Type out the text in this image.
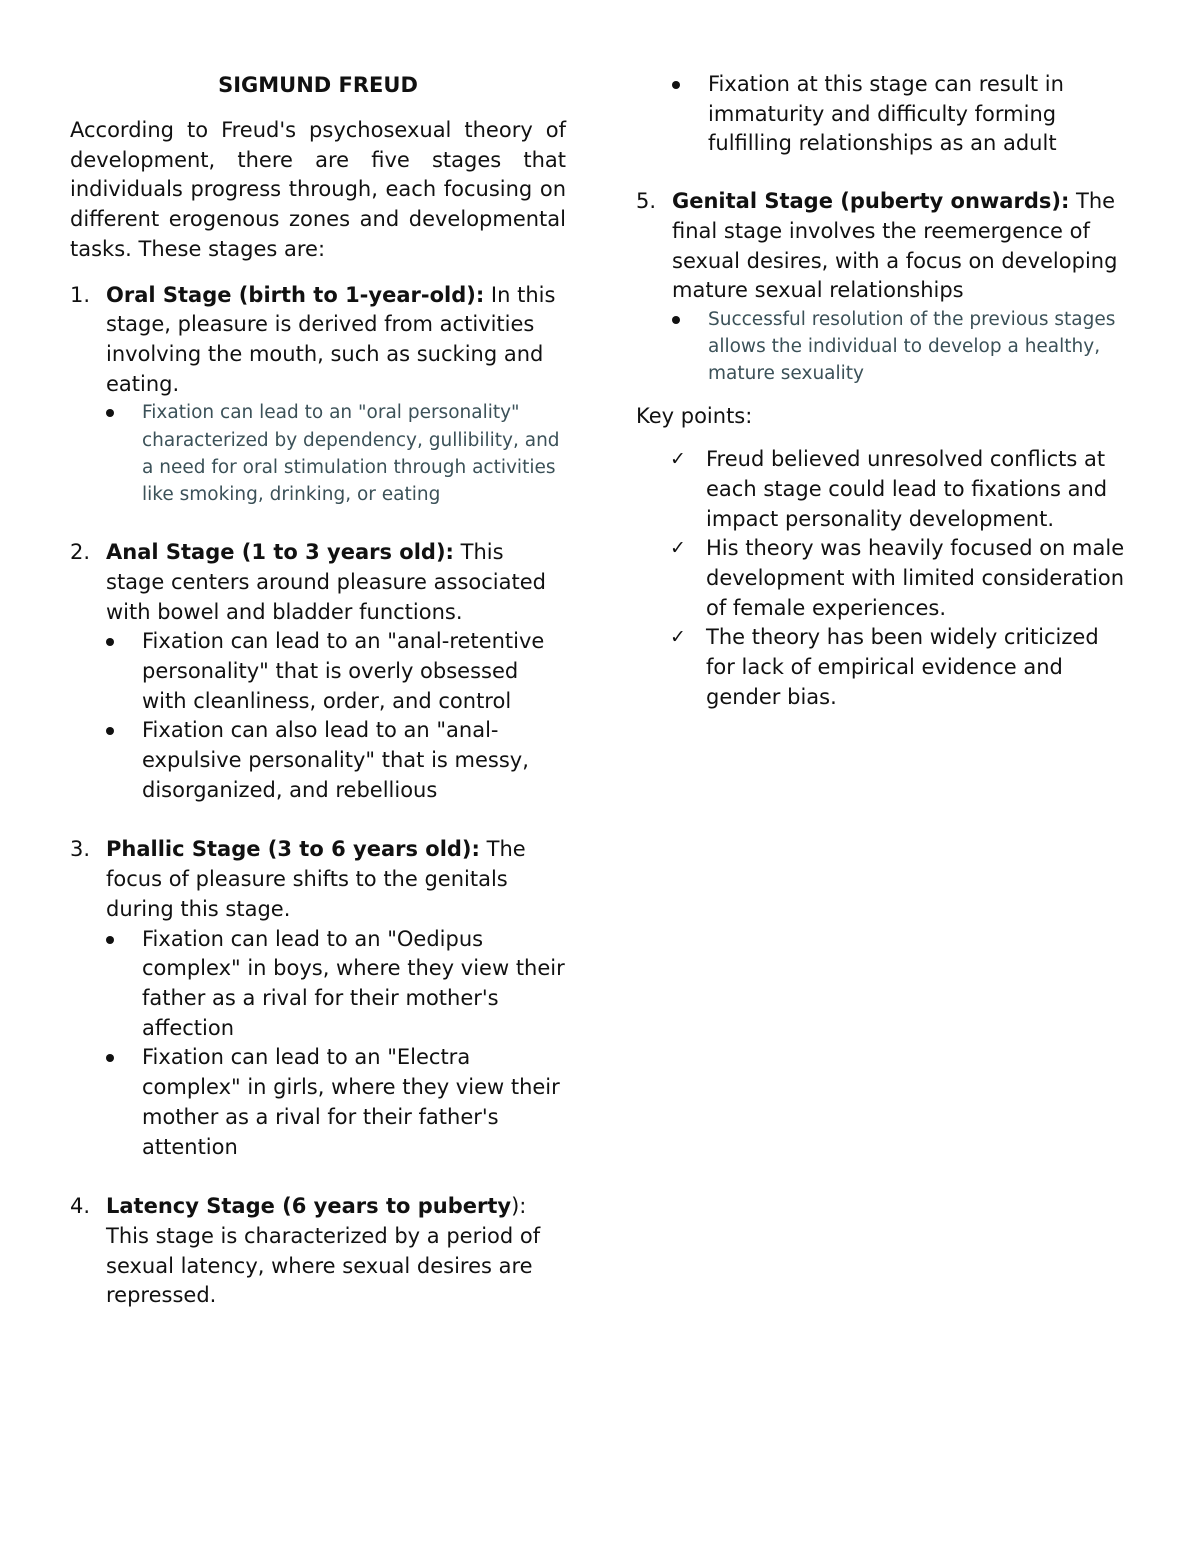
SIGMUND FREUD
According to Freud's psychosexual theory of development, there are five stages that individuals progress through, each focusing on different erogenous zones and developmental tasks. These stages are:
1. Oral Stage (birth to 1-year-old): In this stage, pleasure is derived from activities involving the mouth, such as sucking and eating.
Fixation can lead to an "oral personality" characterized by dependency, gullibility, and a need for oral stimulation through activities like smoking, drinking, or eating
2. Anal Stage (1 to 3 years old): This stage centers around pleasure associated with bowel and bladder functions.
Fixation can lead to an "anal-retentive personality" that is overly obsessed with cleanliness, order, and control
Fixation can also lead to an "anal-expulsive personality" that is messy, disorganized, and rebellious
3. Phallic Stage (3 to 6 years old): The focus of pleasure shifts to the genitals during this stage.
Fixation can lead to an "Oedipus complex" in boys, where they view their father as a rival for their mother's affection
Fixation can lead to an "Electra complex" in girls, where they view their mother as a rival for their father's attention
4. Latency Stage (6 years to puberty): This stage is characterized by a period of sexual latency, where sexual desires are repressed.
Fixation at this stage can result in immaturity and difficulty forming fulfilling relationships as an adult
5. Genital Stage (puberty onwards): The final stage involves the reemergence of sexual desires, with a focus on developing mature sexual relationships
Successful resolution of the previous stages allows the individual to develop a healthy, mature sexuality
Key points:
✓ Freud believed unresolved conflicts at each stage could lead to fixations and impact personality development.
✓ His theory was heavily focused on male development with limited consideration of female experiences.
✓ The theory has been widely criticized for lack of empirical evidence and gender bias.
